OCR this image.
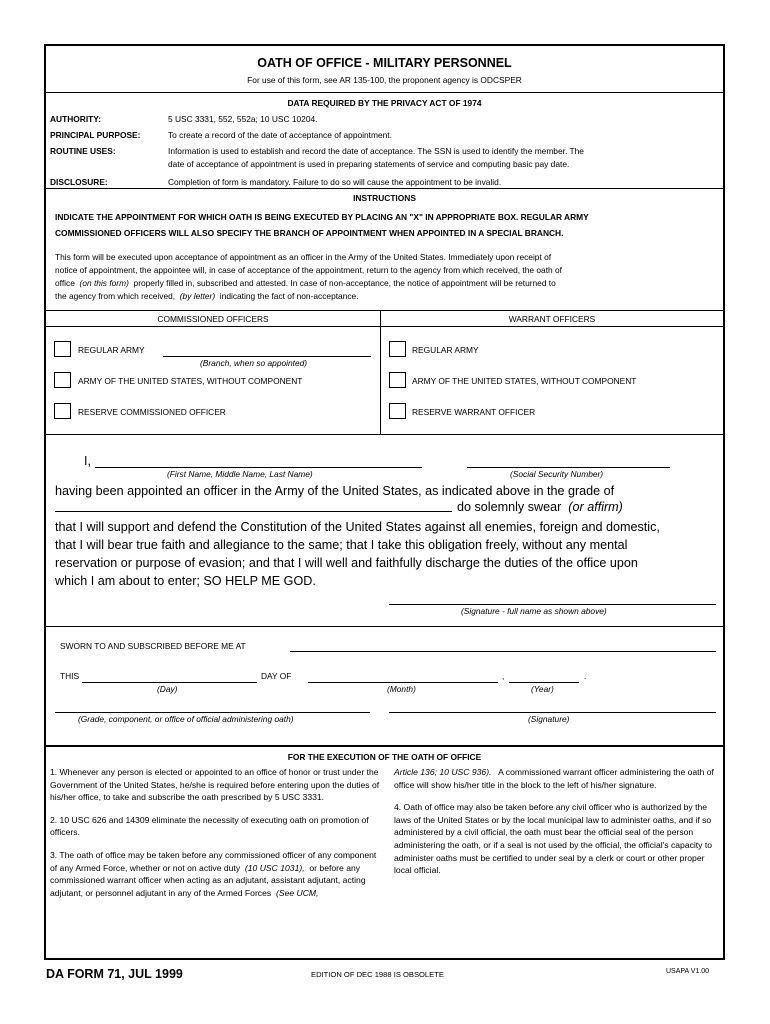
OATH OF OFFICE - MILITARY PERSONNEL
For use of this form, see AR 135-100, the proponent agency is ODCSPER
DATA REQUIRED BY THE PRIVACY ACT OF 1974
AUTHORITY:	5 USC 3331, 552, 552a; 10 USC 10204.
PRINCIPAL PURPOSE:	To create a record of the date of acceptance of appointment.
ROUTINE USES:	Information is used to establish and record the date of acceptance. The SSN is used to identify the member. The
date of acceptance of appointment is used in preparing statements of service and computing basic pay date.
DISCLOSURE:	Completion of form is mandatory. Failure to do so will cause the appointment to be invalid.
INSTRUCTIONS
INDICATE THE APPOINTMENT FOR WHICH OATH IS BEING EXECUTED BY PLACING AN "X" IN APPROPRIATE BOX. REGULAR ARMY
COMMISSIONED OFFICERS WILL ALSO SPECIFY THE BRANCH OF APPOINTMENT WHEN APPOINTED IN A SPECIAL BRANCH.
This form will be executed upon acceptance of appointment as an officer in the Army of the United States. Immediately upon receipt of
notice of appointment, the appointee will, in case of acceptance of the appointment, return to the agency from which received, the oath of
office (on this form) properly filled in, subscribed and attested. In case of non-acceptance, the notice of appointment will be returned to
the agency from which received, (by letter) indicating the fact of non-acceptance.
COMMISSIONED OFFICERS	WARRANT OFFICERS
REGULAR ARMY
(Branch, when so appointed)
ARMY OF THE UNITED STATES, WITHOUT COMPONENT
RESERVE COMMISSIONED OFFICER
REGULAR ARMY
ARMY OF THE UNITED STATES, WITHOUT COMPONENT
RESERVE WARRANT OFFICER
I,
(First Name, Middle Name, Last Name)	(Social Security Number)
having been appointed an officer in the Army of the United States, as indicated above in the grade of
do solemnly swear (or affirm)
that I will support and defend the Constitution of the United States against all enemies, foreign and domestic,
that I will bear true faith and allegiance to the same; that I take this obligation freely, without any mental
reservation or purpose of evasion; and that I will well and faithfully discharge the duties of the office upon
which I am about to enter; SO HELP ME GOD.
(Signature - full name as shown above)
SWORN TO AND SUBSCRIBED BEFORE ME AT
THIS	DAY OF	,	.
(Day)	(Month)	(Year)
(Grade, component, or office of official administering oath)	(Signature)
FOR THE EXECUTION OF THE OATH OF OFFICE

1. Whenever any person is elected or appointed to an office of honor or trust under the Government of the United States, he/she is required before entering upon the duties of his/her office, to take and subscribe the oath prescribed by 5 USC 3331.

2. 10 USC 626 and 14309 eliminate the necessity of executing oath on promotion of officers.

3. The oath of office may be taken before any commissioned officer of any component of any Armed Force, whether or not on active duty (10 USC 1031), or before any commissioned warrant officer when acting as an adjutant, assistant adjutant, acting adjutant, or personnel adjutant in any of the Armed Forces (See UCM,

Article 136; 10 USC 936). A commissioned warrant officer administering the oath of office will show his/her title in the block to the left of his/her signature.

4. Oath of office may also be taken before any civil officer who is authorized by the laws of the United States or by the local municipal law to administer oaths, and if so administered by a civil official, the oath must bear the official seal of the person administering the oath, or if a seal is not used by the official, the official's capacity to administer oaths must be certified to under seal by a clerk or court or other proper local official.

DA FORM 71, JUL 1999	EDITION OF DEC 1988 IS OBSOLETE	USAPA V1.00
